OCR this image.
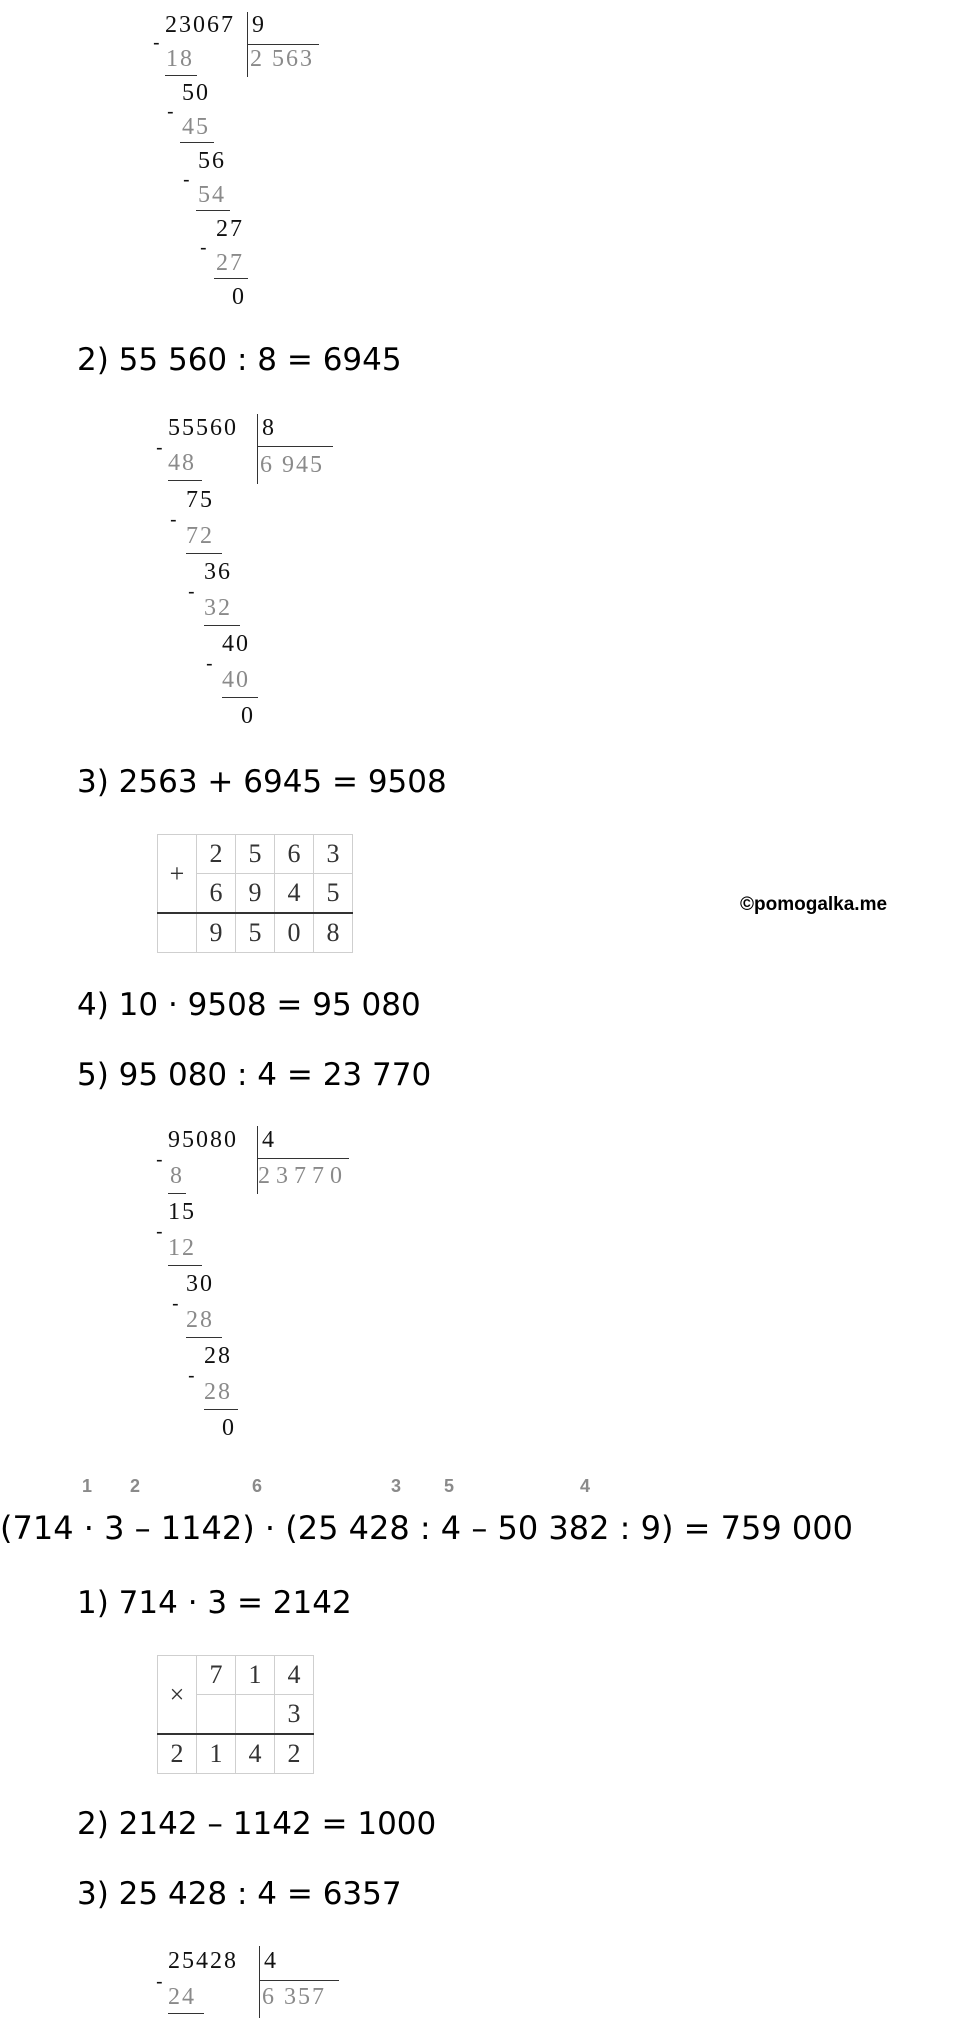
23067 9
2 563
-
18
50
-
45
56
-
54
27
-
27
0
2) 55 560 : 8 = 6945
55560 8
6 945
-
48
75
-
72
36
-
32
40
-
40
0
3) 2563 + 6945 = 9508
+	2	5	6	3
	6	9	4	5
	9	5	0	8
©pomogalka.me
4) 10 · 9508 = 95 080
5) 95 080 : 4 = 23 770
95080 4
2 3 7 7 0
-
8
15
-
12
30
-
28
28
-
28
0
1 2	6	3 5	4
(714 · 3 – 1142) · (25 428 : 4 – 50 382 : 9) = 759 000
1) 714 · 3 = 2142
×	7	1	4
			3
2	1	4	2
2) 2142 – 1142 = 1000
3) 25 428 : 4 = 6357
25428 4
6 357
-
24
